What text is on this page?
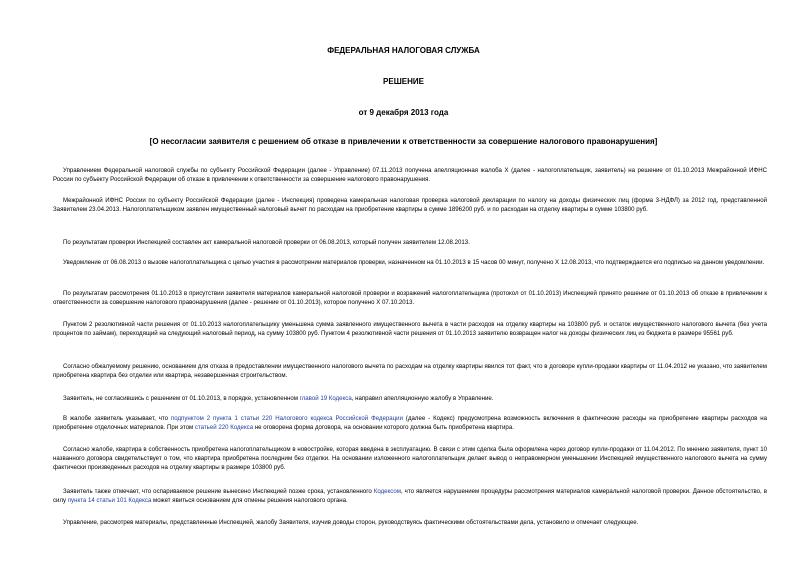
ФЕДЕРАЛЬНАЯ НАЛОГОВАЯ СЛУЖБА
РЕШЕНИЕ
от 9 декабря 2013 года
[О несогласии заявителя с решением об отказе в привлечении к ответственности за совершение налогового правонарушения]

Управлением Федеральной налоговой службы по субъекту Российской Федерации (далее - Управление) 07.11.2013 получена апелляционная жалоба Х (далее - налогоплательщик, заявитель) на решение от 01.10.2013 Межрайонной ИФНС России по субъекту Российской Федерации об отказе в привлечении к ответственности за совершение налогового правонарушения.

Межрайонной ИФНС России по субъекту Российской Федерации (далее - Инспекция) проведена камеральная налоговая проверка налоговой декларации по налогу на доходы физических лиц (форма 3-НДФЛ) за 2012 год, представленной Заявителем 23.04.2013. Налогоплательщиком заявлен имущественный налоговый вычет по расходам на приобретение квартиры в сумме 1896200 руб. и по расходам на отделку квартиры в сумме 103800 руб.

По результатам проверки Инспекцией составлен акт камеральной налоговой проверки от 06.08.2013, который получен заявителем 12.08.2013.

Уведомление от 06.08.2013 о вызове налогоплательщика с целью участия в рассмотрении материалов проверки, назначенном на 01.10.2013 в 15 часов 00 минут, получено Х 12.08.2013, что подтверждается его подписью на данном уведомлении.

По результатам рассмотрения 01.10.2013 в присутствии заявителя материалов камеральной налоговой проверки и возражений налогоплательщика (протокол от 01.10.2013) Инспекцией принято решение от 01.10.2013 об отказе в привлечении к ответственности за совершение налогового правонарушения (далее - решение от 01.10.2013), которое получено Х 07.10.2013.

Пунктом 2 резолютивной части решения от 01.10.2013 налогоплательщику уменьшена сумма заявленного имущественного вычета в части расходов на отделку квартиры на 103800 руб. и остаток имущественного налогового вычета (без учета процентов по займам), переходящий на следующий налоговый период, на сумму 103800 руб. Пунктом 4 резолютивной части решения от 01.10.2013 заявителю возвращен налог на доходы физических лиц из бюджета в размере 95561 руб.

Согласно обжалуемому решению, основанием для отказа в предоставлении имущественного налогового вычета по расходам на отделку квартиры явился тот факт, что в договоре купли-продажи квартиры от 11.04.2012 не указано, что заявителем приобретена квартира без отделки или квартира, незавершенная строительством.

Заявитель, не согласившись с решением от 01.10.2013, в порядке, установленном главой 19 Кодекса, направил апелляционную жалобу в Управление.

В жалобе заявитель указывает, что подпунктом 2 пункта 1 статьи 220 Налогового кодекса Российской Федерации (далее - Кодекс) предусмотрена возможность включения в фактические расходы на приобретение квартиры расходов на приобретение отделочных материалов. При этом статьей 220 Кодекса не оговорена форма договора, на основании которого должна быть приобретена квартира.

Согласно жалобе, квартира в собственность приобретена налогоплательщиком в новостройке, которая введена в эксплуатацию. В связи с этим сделка была оформлена через договор купли-продажи от 11.04.2012. По мнению заявителя, пункт 10 названного договора свидетельствует о том, что квартира приобретена последним без отделки. На основании изложенного налогоплательщик делает вывод о неправомерном уменьшении Инспекцией имущественного налогового вычета на сумму фактически произведенных расходов на отделку квартиры в размере 103800 руб.

Заявитель также отмечает, что оспариваемое решение вынесено Инспекцией позже срока, установленного Кодексом, что является нарушением процедуры рассмотрения материалов камеральной налоговой проверки. Данное обстоятельство, в силу пункта 14 статьи 101 Кодекса может явиться основанием для отмены решения налогового органа.

Управление, рассмотрев материалы, представленные Инспекцией, жалобу Заявителя, изучив доводы сторон, руководствуясь фактическими обстоятельствами дела, установило и отмечает следующее.
